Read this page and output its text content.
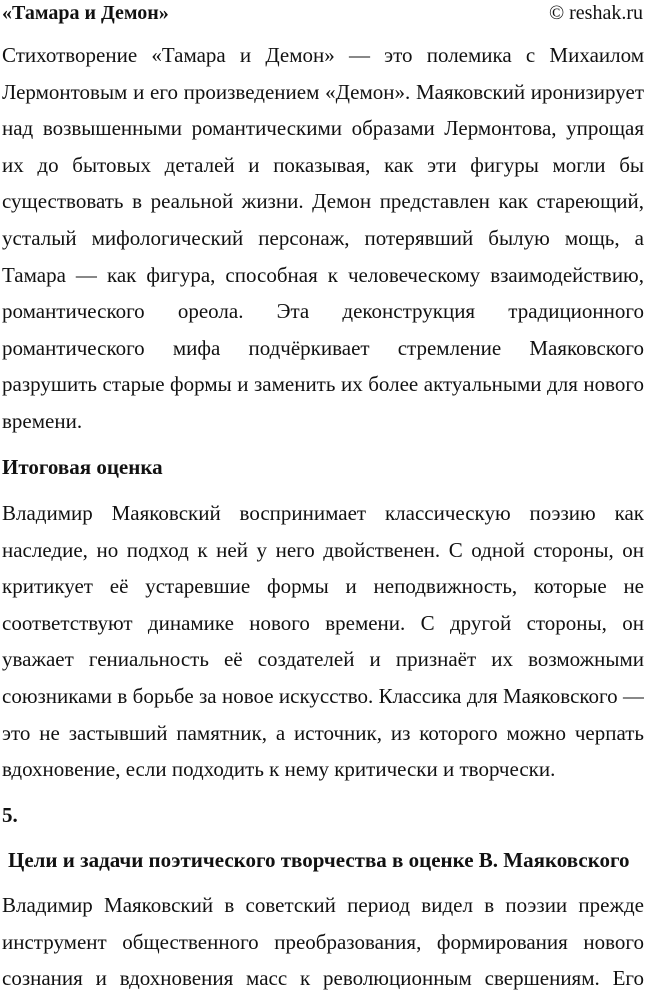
«Тамара и Демон»	© reshak.ru
Стихотворение «Тамара и Демон» — это полемика с Михаилом
Лермонтовым и его произведением «Демон». Маяковский иронизирует
над возвышенными романтическими образами Лермонтова, упрощая
их до бытовых деталей и показывая, как эти фигуры могли бы
существовать в реальной жизни. Демон представлен как стареющий,
усталый мифологический персонаж, потерявший былую мощь, а
Тамара — как фигура, способная к человеческому взаимодействию,
романтического ореола. Эта деконструкция традиционного
романтического мифа подчёркивает стремление Маяковского
разрушить старые формы и заменить их более актуальными для нового
времени.
Итоговая оценка
Владимир Маяковский воспринимает классическую поэзию как
наследие, но подход к ней у него двойственен. С одной стороны, он
критикует её устаревшие формы и неподвижность, которые не
соответствуют динамике нового времени. С другой стороны, он
уважает гениальность её создателей и признаёт их возможными
союзниками в борьбе за новое искусство. Классика для Маяковского —
это не застывший памятник, а источник, из которого можно черпать
вдохновение, если подходить к нему критически и творчески.
5.
Цели и задачи поэтического творчества в оценке В. Маяковского
Владимир Маяковский в советский период видел в поэзии прежде
инструмент общественного преобразования, формирования нового
сознания и вдохновения масс к революционным свершениям. Его
